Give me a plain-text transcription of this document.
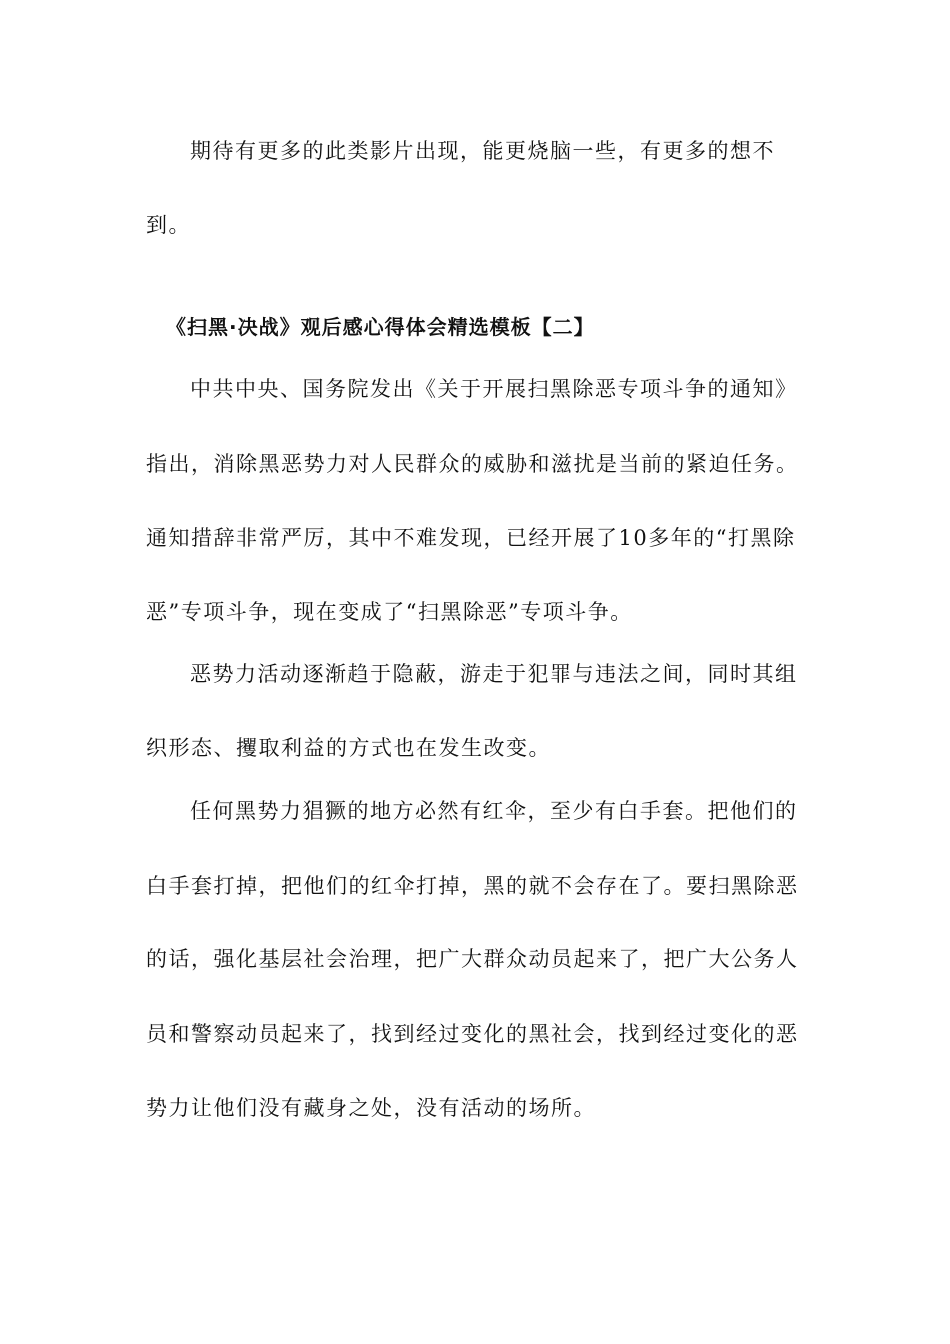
期待有更多的此类影片出现，能更烧脑一些，有更多的想不
到。
《扫黑·决战》观后感心得体会精选模板【二】
中共中央、国务院发出《关于开展扫黑除恶专项斗争的通知》
指出，消除黑恶势力对人民群众的威胁和滋扰是当前的紧迫任务。
通知措辞非常严厉，其中不难发现，已经开展了10多年的“打黑除
恶”专项斗争，现在变成了“扫黑除恶”专项斗争。
恶势力活动逐渐趋于隐蔽，游走于犯罪与违法之间，同时其组
织形态、攫取利益的方式也在发生改变。
任何黑势力猖獗的地方必然有红伞，至少有白手套。把他们的
白手套打掉，把他们的红伞打掉，黑的就不会存在了。要扫黑除恶
的话，强化基层社会治理，把广大群众动员起来了，把广大公务人
员和警察动员起来了，找到经过变化的黑社会，找到经过变化的恶
势力让他们没有藏身之处，没有活动的场所。
